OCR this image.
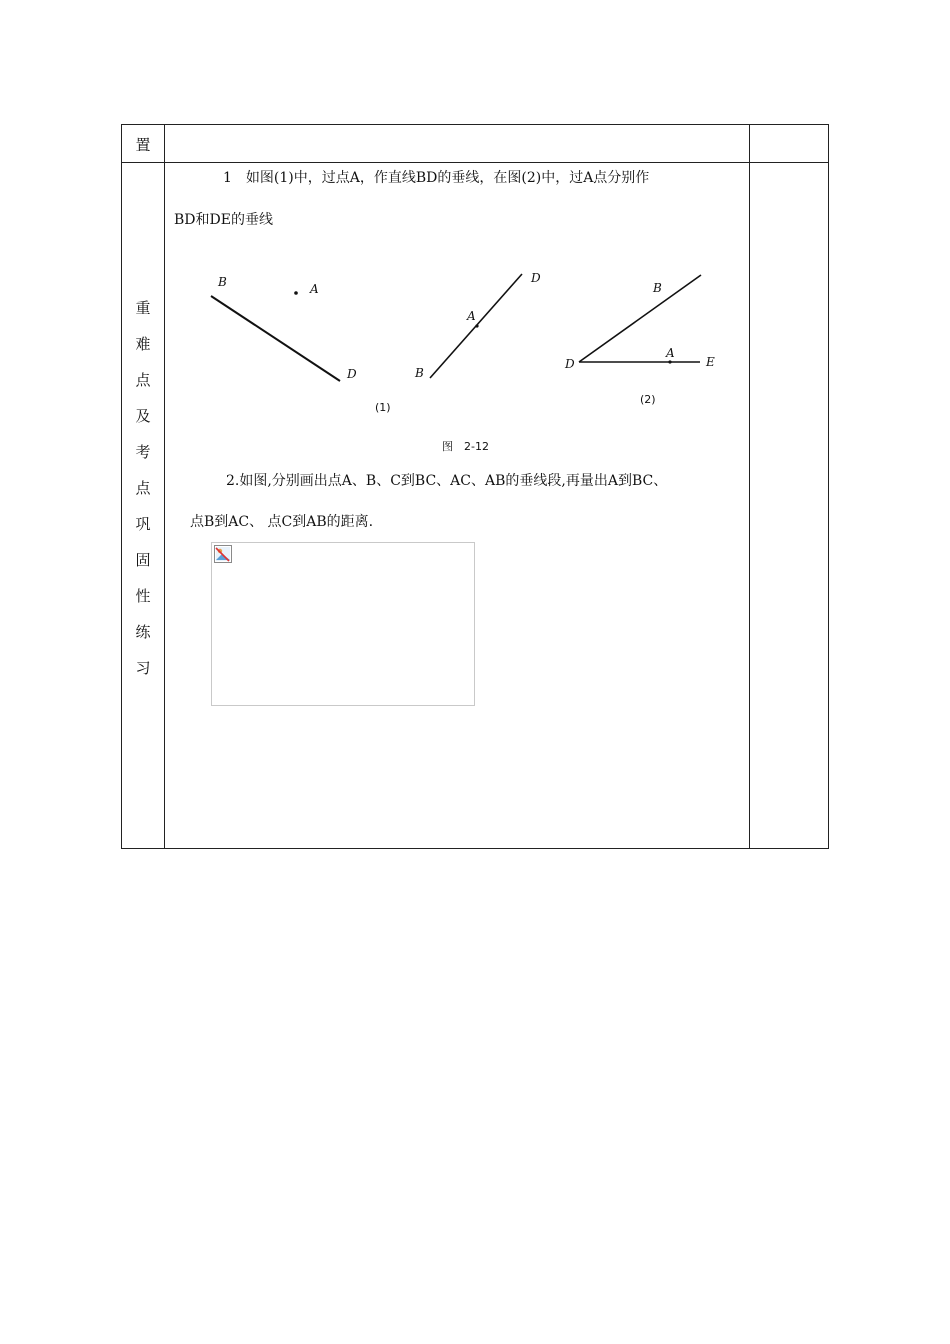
置
重
难
点
及
考
点
巩
固
性
练
习
1　如图(1)中，过点A，作直线BD的垂线，在图(2)中，过A点分别作
BD和DE的垂线
B	A
D	B
A
D
B
D
A
E
(1)
(2)
图　2-12
2.如图,分别画出点A、B、C到BC、AC、AB的垂线段,再量出A到BC、
点B到AC、 点C到AB的距离.
